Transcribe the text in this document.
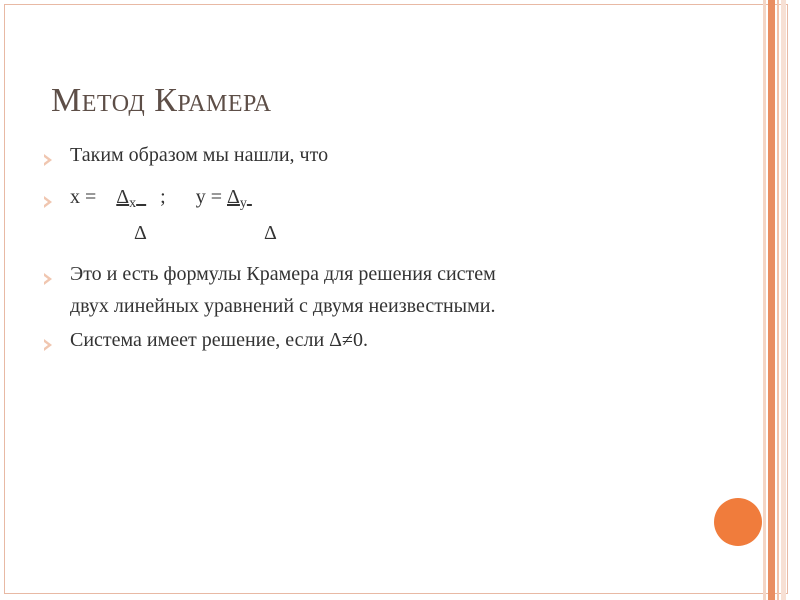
Метод Крамера
Таким образом мы нашли, что
$x = \Delta_x$ ; $y = \Delta_y$
Δ	Δ
Это и есть формулы Крамера для решения систем
двух линейных уравнений с двумя неизвестными.
Система имеет решение, если Δ≠0.
